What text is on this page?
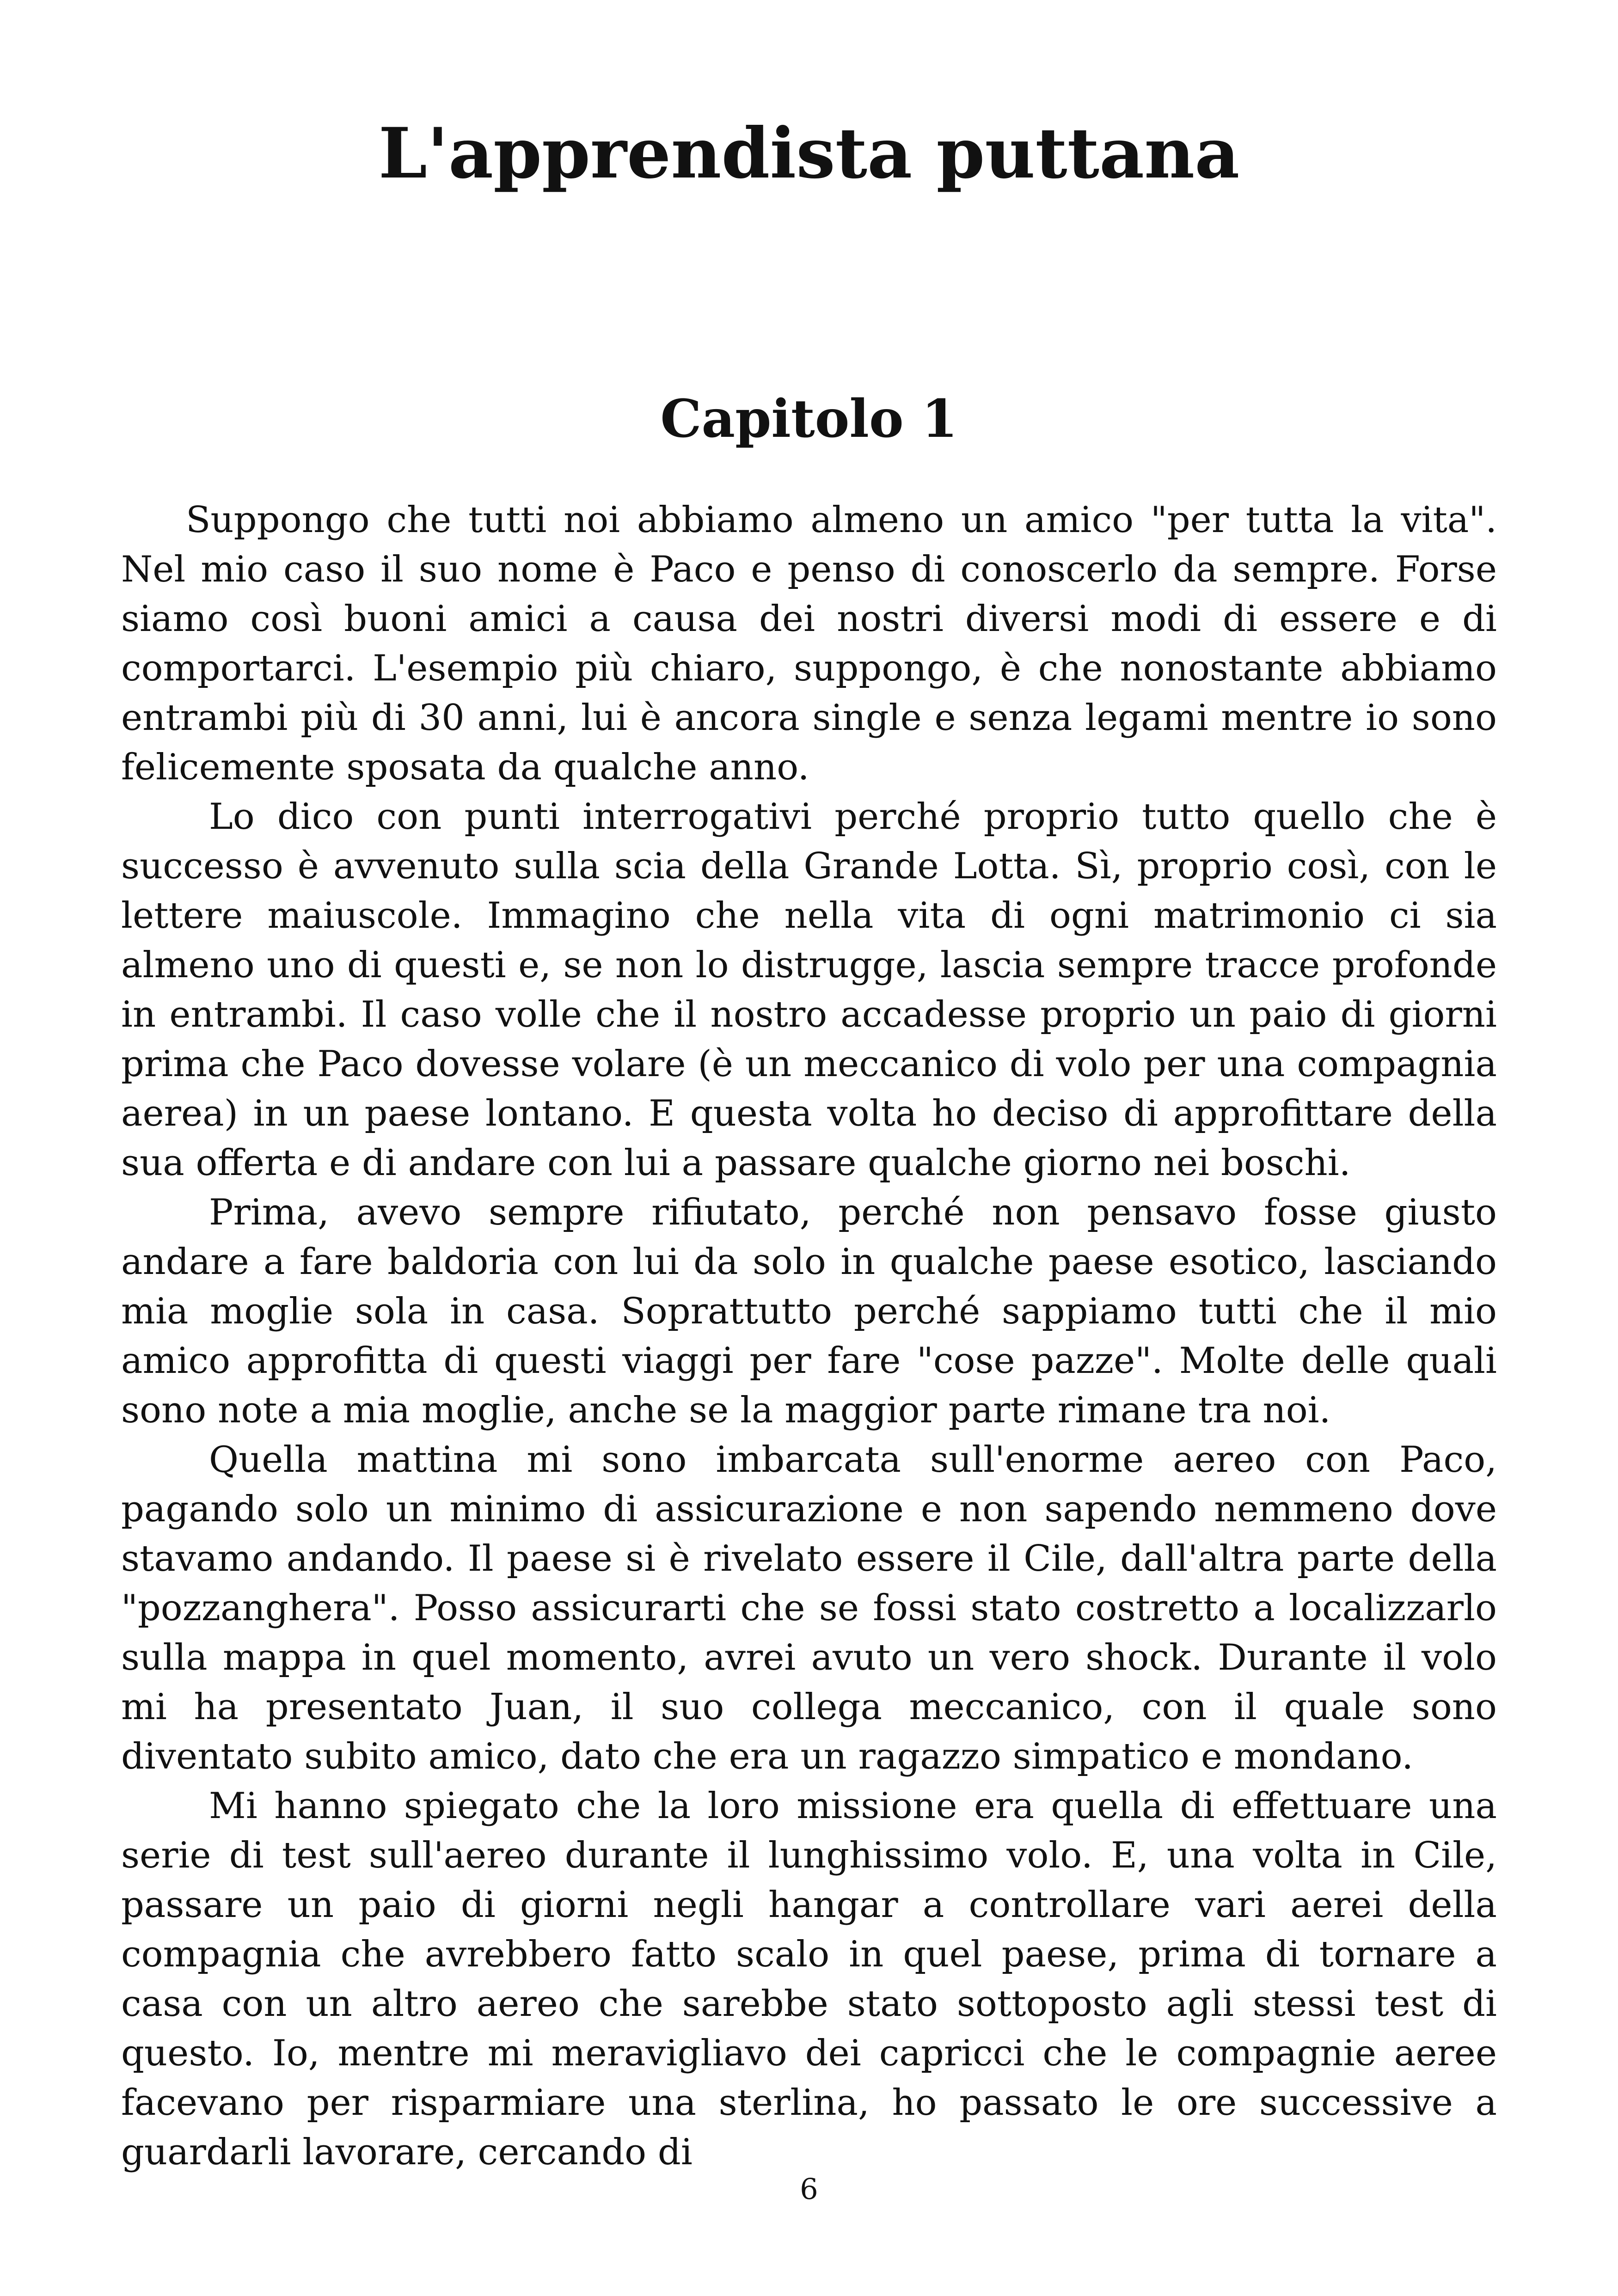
L'apprendista puttana
Capitolo 1

Suppongo che tutti noi abbiamo almeno un amico "per tutta la vita". Nel mio caso il suo nome è Paco e penso di conoscerlo da sempre. Forse siamo così buoni amici a causa dei nostri diversi modi di essere e di comportarci. L'esempio più chiaro, suppongo, è che nonostante abbiamo entrambi più di 30 anni, lui è ancora single e senza legami mentre io sono felicemente sposata da qualche anno.

Lo dico con punti interrogativi perché proprio tutto quello che è successo è avvenuto sulla scia della Grande Lotta. Sì, proprio così, con le lettere maiuscole. Immagino che nella vita di ogni matrimonio ci sia almeno uno di questi e, se non lo distrugge, lascia sempre tracce profonde in entrambi. Il caso volle che il nostro accadesse proprio un paio di giorni prima che Paco dovesse volare (è un meccanico di volo per una compagnia aerea) in un paese lontano. E questa volta ho deciso di approfittare della sua offerta e di andare con lui a passare qualche giorno nei boschi.

Prima, avevo sempre rifiutato, perché non pensavo fosse giusto andare a fare baldoria con lui da solo in qualche paese esotico, lasciando mia moglie sola in casa. Soprattutto perché sappiamo tutti che il mio amico approfitta di questi viaggi per fare "cose pazze". Molte delle quali sono note a mia moglie, anche se la maggior parte rimane tra noi.

Quella mattina mi sono imbarcata sull'enorme aereo con Paco, pagando solo un minimo di assicurazione e non sapendo nemmeno dove stavamo andando. Il paese si è rivelato essere il Cile, dall'altra parte della "pozzanghera". Posso assicurarti che se fossi stato costretto a localizzarlo sulla mappa in quel momento, avrei avuto un vero shock. Durante il volo mi ha presentato Juan, il suo collega meccanico, con il quale sono diventato subito amico, dato che era un ragazzo simpatico e mondano.

Mi hanno spiegato che la loro missione era quella di effettuare una serie di test sull'aereo durante il lunghissimo volo. E, una volta in Cile, passare un paio di giorni negli hangar a controllare vari aerei della compagnia che avrebbero fatto scalo in quel paese, prima di tornare a casa con un altro aereo che sarebbe stato sottoposto agli stessi test di questo. Io, mentre mi meravigliavo dei capricci che le compagnie aeree facevano per risparmiare una sterlina, ho passato le ore successive a guardarli lavorare, cercando di

6
